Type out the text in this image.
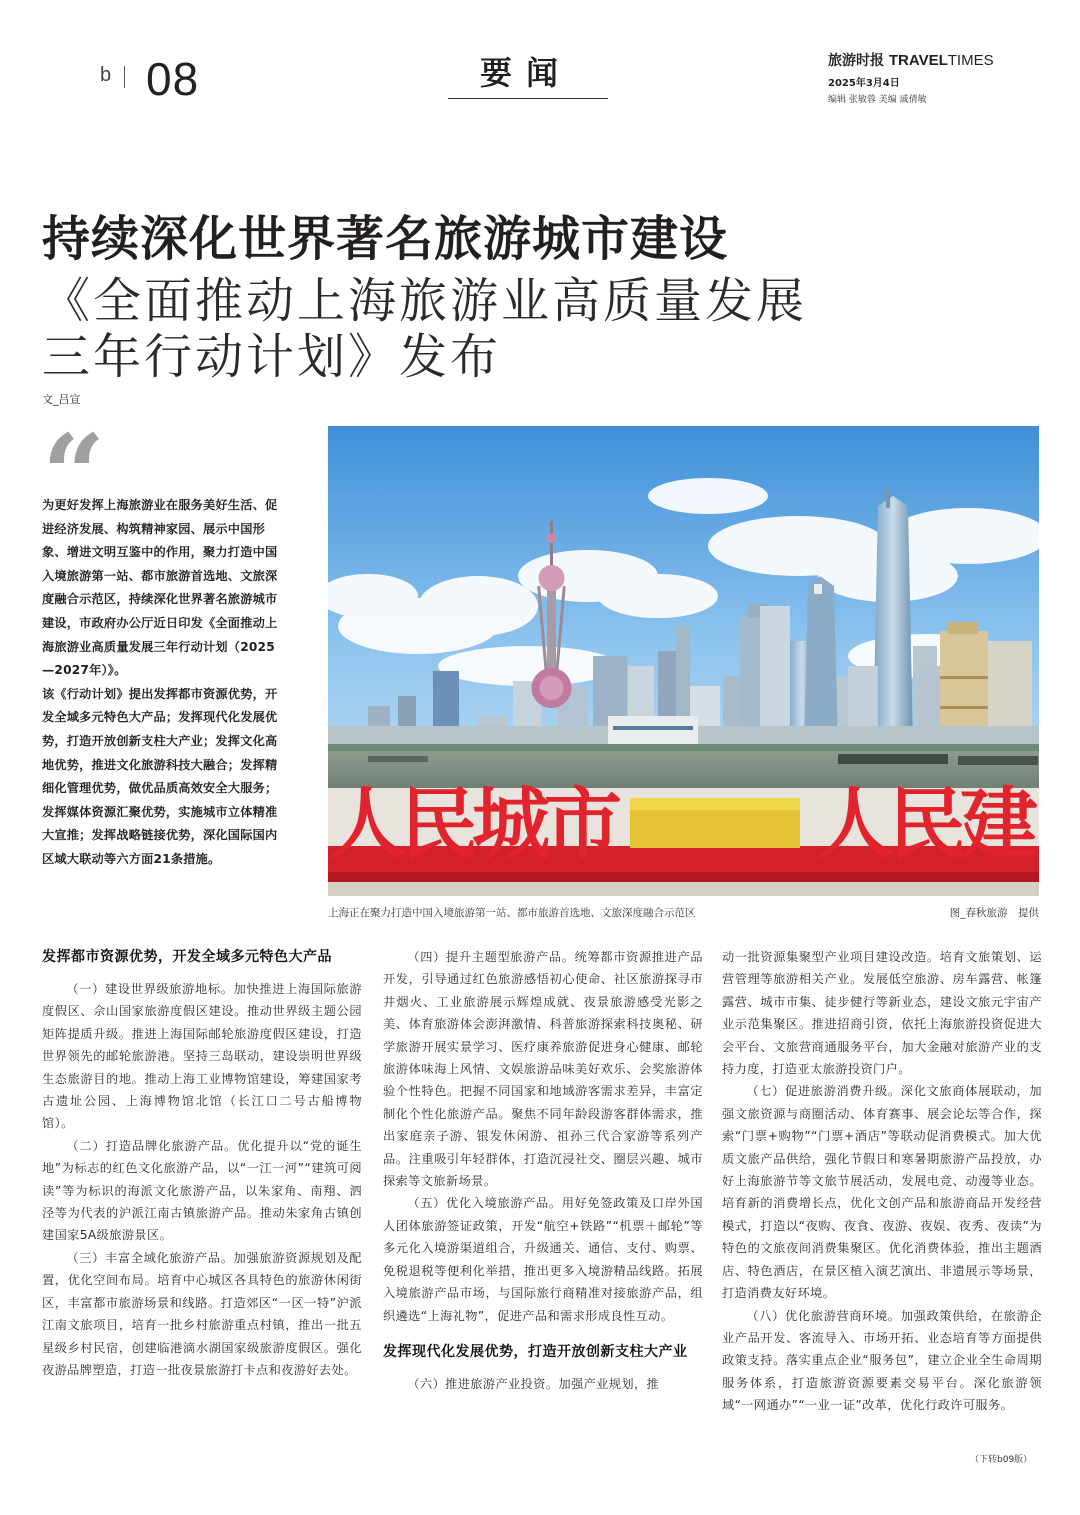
b 08	要闻	旅游时报 TRAVELTIMES
2025年3月4日
编辑 张敏蓉 美编 戚倩敏
持续深化世界著名旅游城市建设
《全面推动上海旅游业高质量发展
三年行动计划》发布
文_吕宣
“

为更好发挥上海旅游业在服务美好生活、促进经济发展、构筑精神家园、展示中国形象、增进文明互鉴中的作用，聚力打造中国入境旅游第一站、都市旅游首选地、文旅深度融合示范区，持续深化世界著名旅游城市建设，市政府办公厅近日印发《全面推动上海旅游业高质量发展三年行动计划（2025—2027年）》。

该《行动计划》提出发挥都市资源优势，开发全域多元特色大产品；发挥现代化发展优势，打造开放创新支柱大产业；发挥文化高地优势，推进文化旅游科技大融合；发挥精细化管理优势，做优品质高效安全大服务；发挥媒体资源汇聚优势，实施城市立体精准大宣推；发挥战略链接优势，深化国际国内区域大联动等六方面21条措施。	人民城市	人民建
上海正在聚力打造中国入境旅游第一站、都市旅游首选地、文旅深度融合示范区	图_春秋旅游　提供
发挥都市资源优势，开发全域多元特色大产品

（一）建设世界级旅游地标。加快推进上海国际旅游度假区、佘山国家旅游度假区建设。推动世界级主题公园矩阵提质升级。推进上海国际邮轮旅游度假区建设，打造世界领先的邮轮旅游港。坚持三岛联动，建设崇明世界级生态旅游目的地。推动上海工业博物馆建设，筹建国家考古遗址公园、上海博物馆北馆（长江口二号古船博物馆）。

（二）打造品牌化旅游产品。优化提升以“党的诞生地”为标志的红色文化旅游产品，以“一江一河”“建筑可阅读”等为标识的海派文化旅游产品，以朱家角、南翔、泗泾等为代表的沪派江南古镇旅游产品。推动朱家角古镇创建国家5A级旅游景区。

（三）丰富全域化旅游产品。加强旅游资源规划及配置，优化空间布局。培育中心城区各具特色的旅游休闲街区，丰富都市旅游场景和线路。打造郊区“一区一特”沪派江南文旅项目，培育一批乡村旅游重点村镇，推出一批五星级乡村民宿，创建临港滴水湖国家级旅游度假区。强化夜游品牌塑造，打造一批夜景旅游打卡点和夜游好去处。

（四）提升主题型旅游产品。统筹都市资源推进产品开发，引导通过红色旅游感悟初心使命、社区旅游探寻市井烟火、工业旅游展示辉煌成就、夜景旅游感受光影之美、体育旅游体会澎湃激情、科普旅游探索科技奥秘、研学旅游开展实景学习、医疗康养旅游促进身心健康、邮轮旅游体味海上风情、文娱旅游品味美好欢乐、会奖旅游体验个性特色。把握不同国家和地域游客需求差异，丰富定制化个性化旅游产品。聚焦不同年龄段游客群体需求，推出家庭亲子游、银发休闲游、祖孙三代合家游等系列产品。注重吸引年轻群体，打造沉浸社交、圈层兴趣、城市探索等文旅新场景。

（五）优化入境旅游产品。用好免签政策及口岸外国人团体旅游签证政策，开发“航空+铁路”“机票＋邮轮”等多元化入境游渠道组合，升级通关、通信、支付、购票、免税退税等便利化举措，推出更多入境游精品线路。拓展入境旅游产品市场，与国际旅行商精准对接旅游产品，组织遴选“上海礼物”，促进产品和需求形成良性互动。

发挥现代化发展优势，打造开放创新支柱大产业

（六）推进旅游产业投资。加强产业规划，推

动一批资源集聚型产业项目建设改造。培育文旅策划、运营管理等旅游相关产业。发展低空旅游、房车露营、帐篷露营、城市市集、徒步健行等新业态，建设文旅元宇宙产业示范集聚区。推进招商引资，依托上海旅游投资促进大会平台、文旅营商通服务平台，加大金融对旅游产业的支持力度，打造亚太旅游投资门户。

（七）促进旅游消费升级。深化文旅商体展联动，加强文旅资源与商圈活动、体育赛事、展会论坛等合作，探索“门票+购物”“门票+酒店”等联动促消费模式。加大优质文旅产品供给，强化节假日和寒暑期旅游产品投放，办好上海旅游节等文旅节展活动，发展电竞、动漫等业态。培育新的消费增长点，优化文创产品和旅游商品开发经营模式，打造以“夜购、夜食、夜游、夜娱、夜秀、夜读”为特色的文旅夜间消费集聚区。优化消费体验，推出主题酒店、特色酒店，在景区植入演艺演出、非遗展示等场景，打造消费友好环境。

（八）优化旅游营商环境。加强政策供给，在旅游企业产品开发、客流导入、市场开拓、业态培育等方面提供政策支持。落实重点企业“服务包”，建立企业全生命周期服务体系，打造旅游资源要素交易平台。深化旅游领域“一网通办”“一业一证”改革，优化行政许可服务。

（下转b09版）
